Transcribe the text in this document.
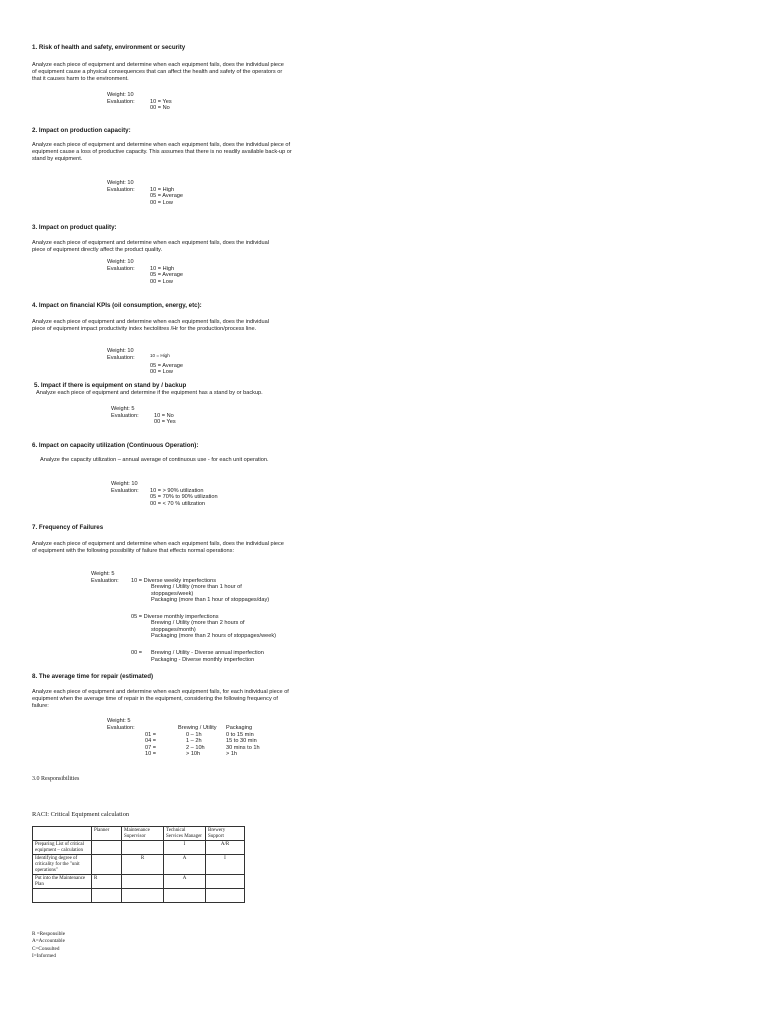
1. Risk of health and safety, environment or security
Analyze each piece of equipment and determine when each equipment fails, does the individual piece of equipment cause a physical consequences that can affect the health and safety of the operators or that it causes harm to the environment.
Weight: 10
Evaluation:	10 = Yes
00 = No
2. Impact on production capacity:
Analyze each piece of equipment and determine when each equipment fails, does the individual piece of equipment cause a loss of productive capacity. This assumes that there is no readily available back-up or stand by equipment.
Weight: 10
Evaluation:	10 = High
05 = Average
00 = Low
3. Impact on product quality:
Analyze each piece of equipment and determine when each equipment fails, does the individual piece of equipment directly affect the product quality.
Weight: 10
Evaluation:	10 = High
05 = Average
00 = Low
4. Impact on financial KPIs (oil consumption, energy, etc):
Analyze each piece of equipment and determine when each equipment fails, does the individual piece of equipment impact productivity index hectolitres /Hr for the production/process line.
Weight: 10
Evaluation:	10 = High
05 = Average
00 = Low
5. Impact if there is equipment on stand by / backup
Analyze each piece of equipment and determine if the equipment has a stand by or backup.
Weight: 5
Evaluation:	10 = No
00 = Yes
6. Impact on capacity utilization (Continuous Operation):
Analyze the capacity utilization – annual average of continuous use - for each unit operation.
Weight: 10
Evaluation: 10 = > 90% utilization
05 = 70% to 90% utilization
00 = < 70 % utilization
7. Frequency of Failures
Analyze each piece of equipment and determine when each equipment fails, does the individual piece of equipment with the following possibility of failure that effects normal operations:
Weight: 5
Evaluation: 10 = Diverse weekly imperfections
Brewing / Utility (more than 1 hour of
stoppages/week)
Packaging (more than 1 hour of stoppages/day)
05 = Diverse monthly imperfections
Brewing / Utility (more than 2 hours of
stoppages/month)
Packaging (more than 2 hours of stoppages/week)
00 = Brewing / Utility - Diverse annual imperfection
Packaging - Diverse monthly imperfection
8. The average time for repair (estimated)
Analyze each piece of equipment and determine when each equipment fails, for each individual piece of equipment when the average time of repair in the equipment, considering the following frequency of failure:
Weight: 5
Evaluation:		Brewing / Utility	Packaging
	01 =	0 – 1h	0 to 15 min
	04 =	1 – 2h	15 to 30 min
	07 =	2 – 10h	30 mins to 1h
	10 =	> 10h	> 1h
3.0 Responsibilities
RACI: Critical Equipment calculation
	Planner	Maintenance Supervisor	Technical Services Manager	Brewery Support
Preparing List of critical equipment – calculation			I	A/R
Identifying degree of criticality for the "unit operations"		R	A	I
Put into the Maintenance Plan	R		A	

R =Responsible
A=Accountable
C=Consulted
I=Informed
